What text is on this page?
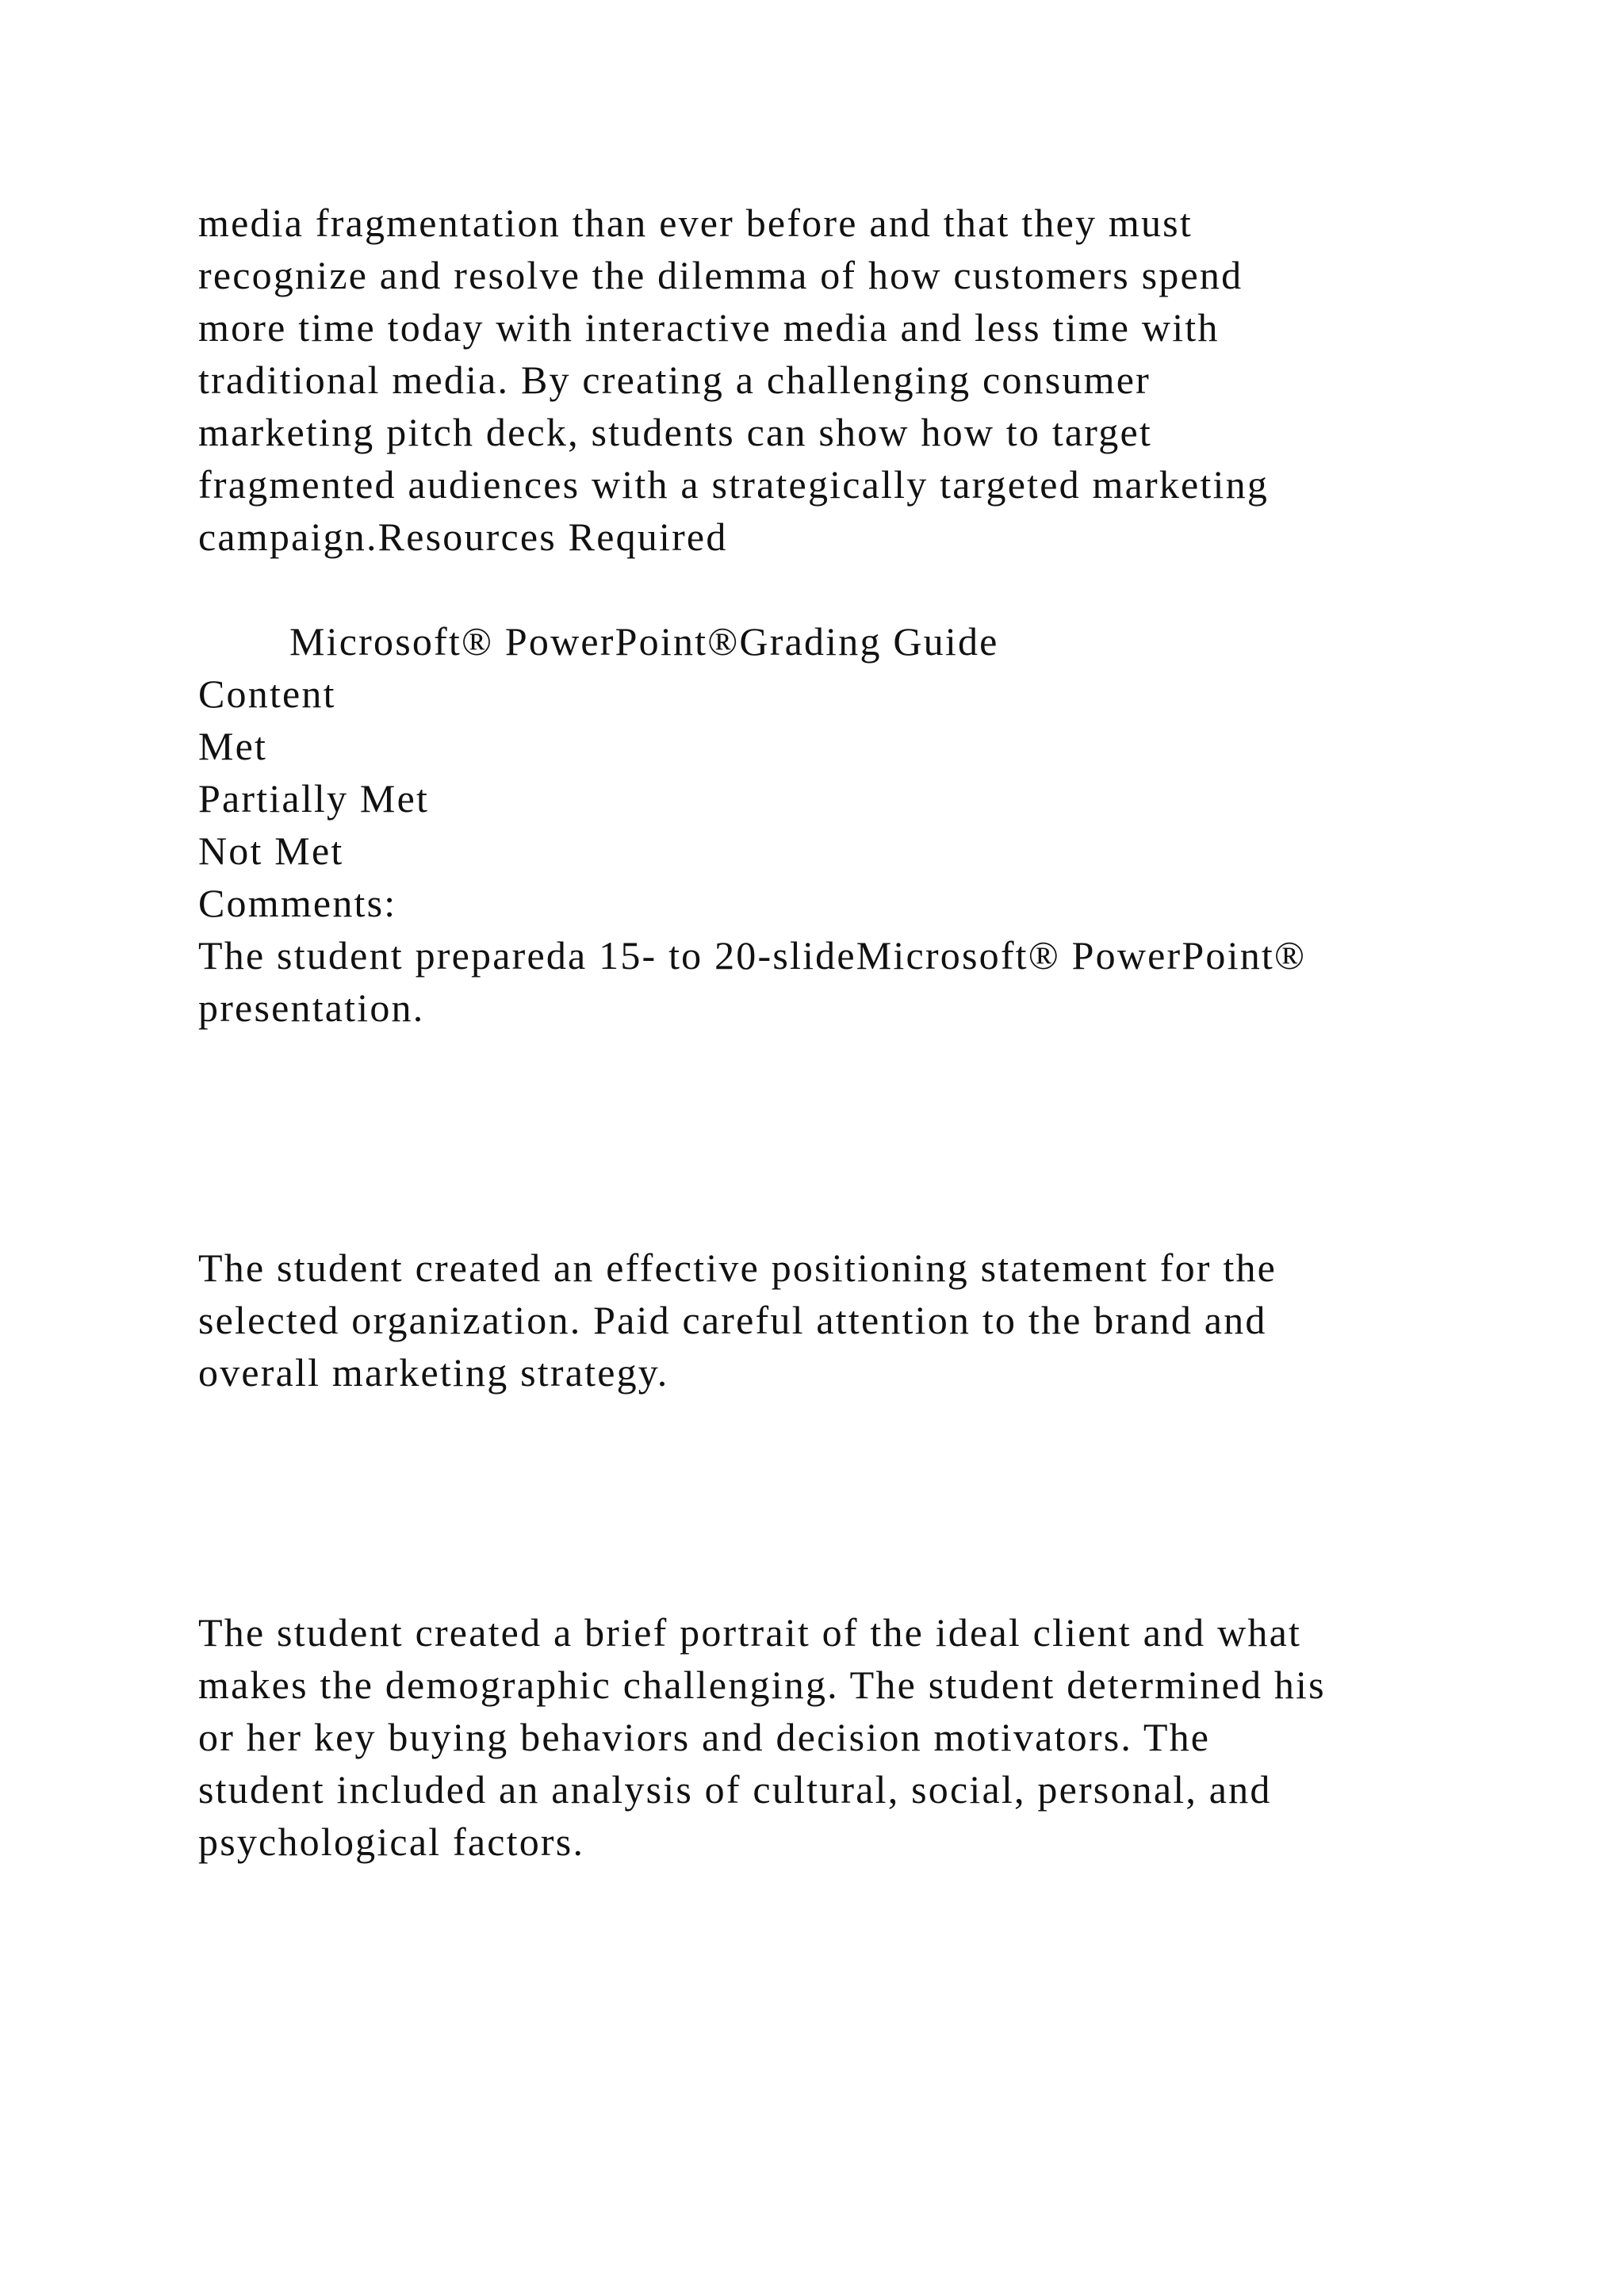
media fragmentation than ever before and that they must

recognize and resolve the dilemma of how customers spend

more time today with interactive media and less time with

traditional media. By creating a challenging consumer

marketing pitch deck, students can show how to target

fragmented audiences with a strategically targeted marketing

campaign.Resources Required

Microsoft® PowerPoint®Grading Guide

Content

Met

Partially Met

Not Met

Comments:

The student prepareda 15- to 20-slideMicrosoft® PowerPoint®

presentation.

The student created an effective positioning statement for the

selected organization. Paid careful attention to the brand and

overall marketing strategy.

The student created a brief portrait of the ideal client and what

makes the demographic challenging. The student determined his

or her key buying behaviors and decision motivators. The

student included an analysis of cultural, social, personal, and

psychological factors.
